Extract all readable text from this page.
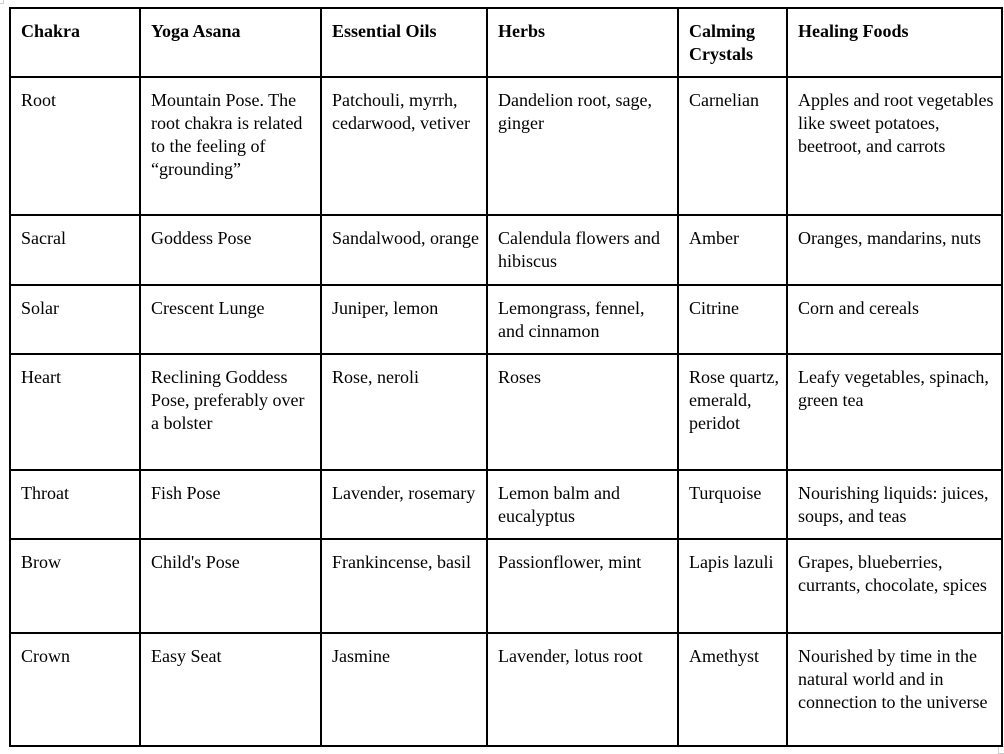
Chakra	Yoga Asana	Essential Oils	Herbs	Calming Crystals	Healing Foods
Root	Mountain Pose. The root chakra is related to the feeling of “grounding”	Patchouli, myrrh, cedarwood, vetiver	Dandelion root, sage, ginger	Carnelian	Apples and root vegetables like sweet potatoes, beetroot, and carrots
Sacral	Goddess Pose	Sandalwood, orange	Calendula flowers and hibiscus	Amber	Oranges, mandarins, nuts
Solar	Crescent Lunge	Juniper, lemon	Lemongrass, fennel, and cinnamon	Citrine	Corn and cereals
Heart	Reclining Goddess Pose, preferably over a bolster	Rose, neroli	Roses	Rose quartz, emerald, peridot	Leafy vegetables, spinach, green tea
Throat	Fish Pose	Lavender, rosemary	Lemon balm and eucalyptus	Turquoise	Nourishing liquids: juices, soups, and teas
Brow	Child's Pose	Frankincense, basil	Passionflower, mint	Lapis lazuli	Grapes, blueberries, currants, chocolate, spices
Crown	Easy Seat	Jasmine	Lavender, lotus root	Amethyst	Nourished by time in the natural world and in connection to the universe
